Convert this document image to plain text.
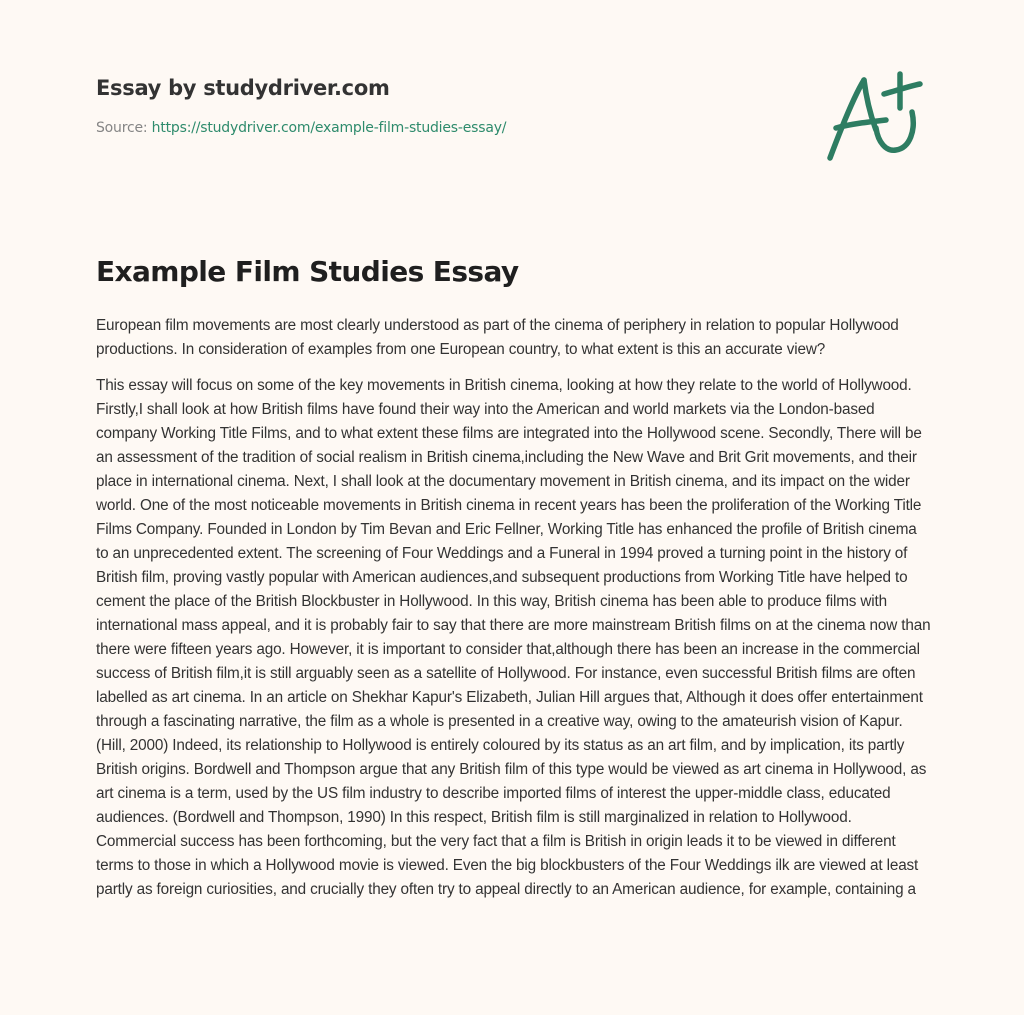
Essay by studydriver.com
Source: https://studydriver.com/example-film-studies-essay/
Example Film Studies Essay

European film movements are most clearly understood as part of the cinema of periphery in relation to popular Hollywood productions. In consideration of examples from one European country, to what extent is this an accurate view?

This essay will focus on some of the key movements in British cinema, looking at how they relate to the world of Hollywood. Firstly,I shall look at how British films have found their way into the American and world markets via the London-based company Working Title Films, and to what extent these films are integrated into the Hollywood scene. Secondly, There will be an assessment of the tradition of social realism in British cinema,including the New Wave and Brit Grit movements, and their place in international cinema. Next, I shall look at the documentary movement in British cinema, and its impact on the wider world. One of the most noticeable movements in British cinema in recent years has been the proliferation of the Working Title Films Company. Founded in London by Tim Bevan and Eric Fellner, Working Title has enhanced the profile of British cinema to an unprecedented extent. The screening of Four Weddings and a Funeral in 1994 proved a turning point in the history of British film, proving vastly popular with American audiences,and subsequent productions from Working Title have helped to cement the place of the British Blockbuster in Hollywood. In this way, British cinema has been able to produce films with international mass appeal, and it is probably fair to say that there are more mainstream British films on at the cinema now than there were fifteen years ago. However, it is important to consider that,although there has been an increase in the commercial success of British film,it is still arguably seen as a satellite of Hollywood. For instance, even successful British films are often labelled as art cinema. In an article on Shekhar Kapur's Elizabeth, Julian Hill argues that, Although it does offer entertainment through a fascinating narrative, the film as a whole is presented in a creative way, owing to the amateurish vision of Kapur. (Hill, 2000) Indeed, its relationship to Hollywood is entirely coloured by its status as an art film, and by implication, its partly British origins. Bordwell and Thompson argue that any British film of this type would be viewed as art cinema in Hollywood, as art cinema is a term, used by the US film industry to describe imported films of interest the upper-middle class, educated audiences. (Bordwell and Thompson, 1990) In this respect, British film is still marginalized in relation to Hollywood. Commercial success has been forthcoming, but the very fact that a film is British in origin leads it to be viewed in different terms to those in which a Hollywood movie is viewed. Even the big blockbusters of the Four Weddings ilk are viewed at least partly as foreign curiosities, and crucially they often try to appeal directly to an American audience, for example, containing a
